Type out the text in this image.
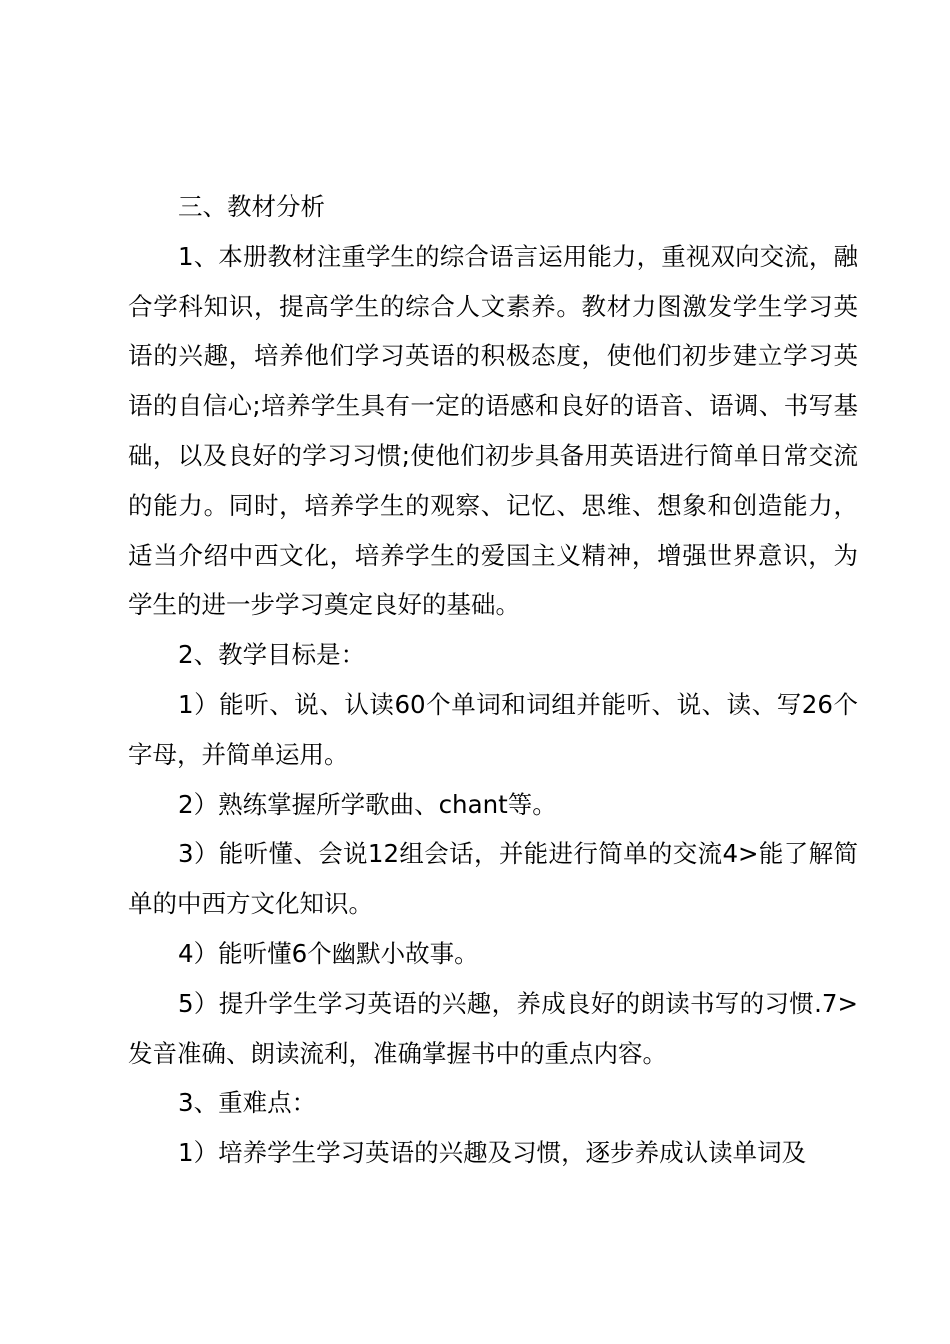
三、教材分析

1、本册教材注重学生的综合语言运用能力，重视双向交流，融合学科知识，提高学生的综合人文素养。教材力图激发学生学习英语的兴趣，培养他们学习英语的积极态度，使他们初步建立学习英语的自信心;培养学生具有一定的语感和良好的语音、语调、书写基础，以及良好的学习习惯;使他们初步具备用英语进行简单日常交流的能力。同时，培养学生的观察、记忆、思维、想象和创造能力，适当介绍中西文化，培养学生的爱国主义精神，增强世界意识，为学生的进一步学习奠定良好的基础。

2、教学目标是：

1）能听、说、认读60个单词和词组并能听、说、读、写26个字母，并简单运用。

2）熟练掌握所学歌曲、chant等。

3）能听懂、会说12组会话，并能进行简单的交流4>能了解简单的中西方文化知识。

4）能听懂6个幽默小故事。

5）提升学生学习英语的兴趣，养成良好的朗读书写的习惯.7>发音准确、朗读流利，准确掌握书中的重点内容。

3、重难点：

1）培养学生学习英语的兴趣及习惯，逐步养成认读单词及
